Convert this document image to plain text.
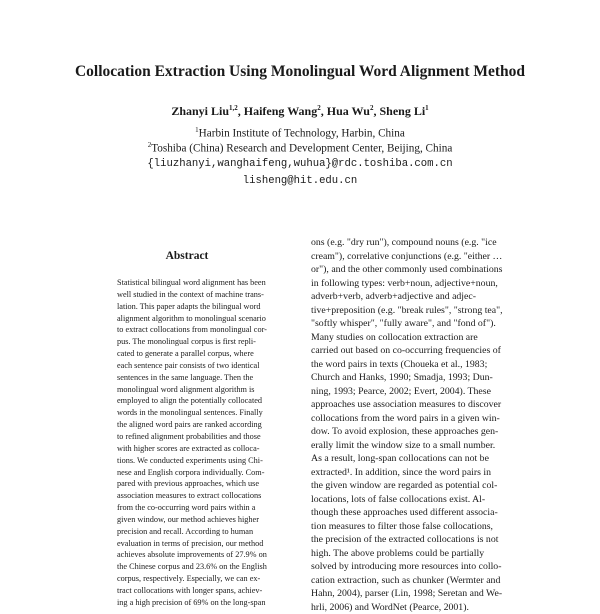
Collocation Extraction Using Monolingual Word Alignment Method
Zhanyi Liu$^{1,2}$, Haifeng Wang$^2$, Hua Wu$^2$, Sheng Li$^1$
$^1$Harbin Institute of Technology, Harbin, China
$^2$Toshiba (China) Research and Development Center, Beijing, China
{liuzhanyi,wanghaifeng,wuhua}@rdc.toshiba.com.cn
lisheng@hit.edu.cn
Abstract
Statistical bilingual word alignment has been
well studied in the context of machine trans-
lation. This paper adapts the bilingual word
alignment algorithm to monolingual scenario
to extract collocations from monolingual cor-
pus. The monolingual corpus is first repli-
cated to generate a parallel corpus, where
each sentence pair consists of two identical
sentences in the same language. Then the
monolingual word alignment algorithm is
employed to align the potentially collocated
words in the monolingual sentences. Finally
the aligned word pairs are ranked according
to refined alignment probabilities and those
with higher scores are extracted as colloca-
tions. We conducted experiments using Chi-
nese and English corpora individually. Com-
pared with previous approaches, which use
association measures to extract collocations
from the co-occurring word pairs within a
given window, our method achieves higher
precision and recall. According to human
evaluation in terms of precision, our method
achieves absolute improvements of 27.9% on
the Chinese corpus and 23.6% on the English
corpus, respectively. Especially, we can ex-
tract collocations with longer spans, achiev-
ing a high precision of 69% on the long-span
ons (e.g. "dry run"), compound nouns (e.g. "ice
cream"), correlative conjunctions (e.g. "either …
or"), and the other commonly used combinations
in following types: verb+noun, adjective+noun,
adverb+verb, adverb+adjective and adjec-
tive+preposition (e.g. "break rules", "strong tea",
"softly whisper", "fully aware", and "fond of").
Many studies on collocation extraction are
carried out based on co-occurring frequencies of
the word pairs in texts (Choueka et al., 1983;
Church and Hanks, 1990; Smadja, 1993; Dun-
ning, 1993; Pearce, 2002; Evert, 2004). These
approaches use association measures to discover
collocations from the word pairs in a given win-
dow. To avoid explosion, these approaches gen-
erally limit the window size to a small number.
As a result, long-span collocations can not be
extracted¹. In addition, since the word pairs in
the given window are regarded as potential col-
locations, lots of false collocations exist. Al-
though these approaches used different associa-
tion measures to filter those false collocations,
the precision of the extracted collocations is not
high. The above problems could be partially
solved by introducing more resources into collo-
cation extraction, such as chunker (Wermter and
Hahn, 2004), parser (Lin, 1998; Seretan and We-
hrli, 2006) and WordNet (Pearce, 2001).
